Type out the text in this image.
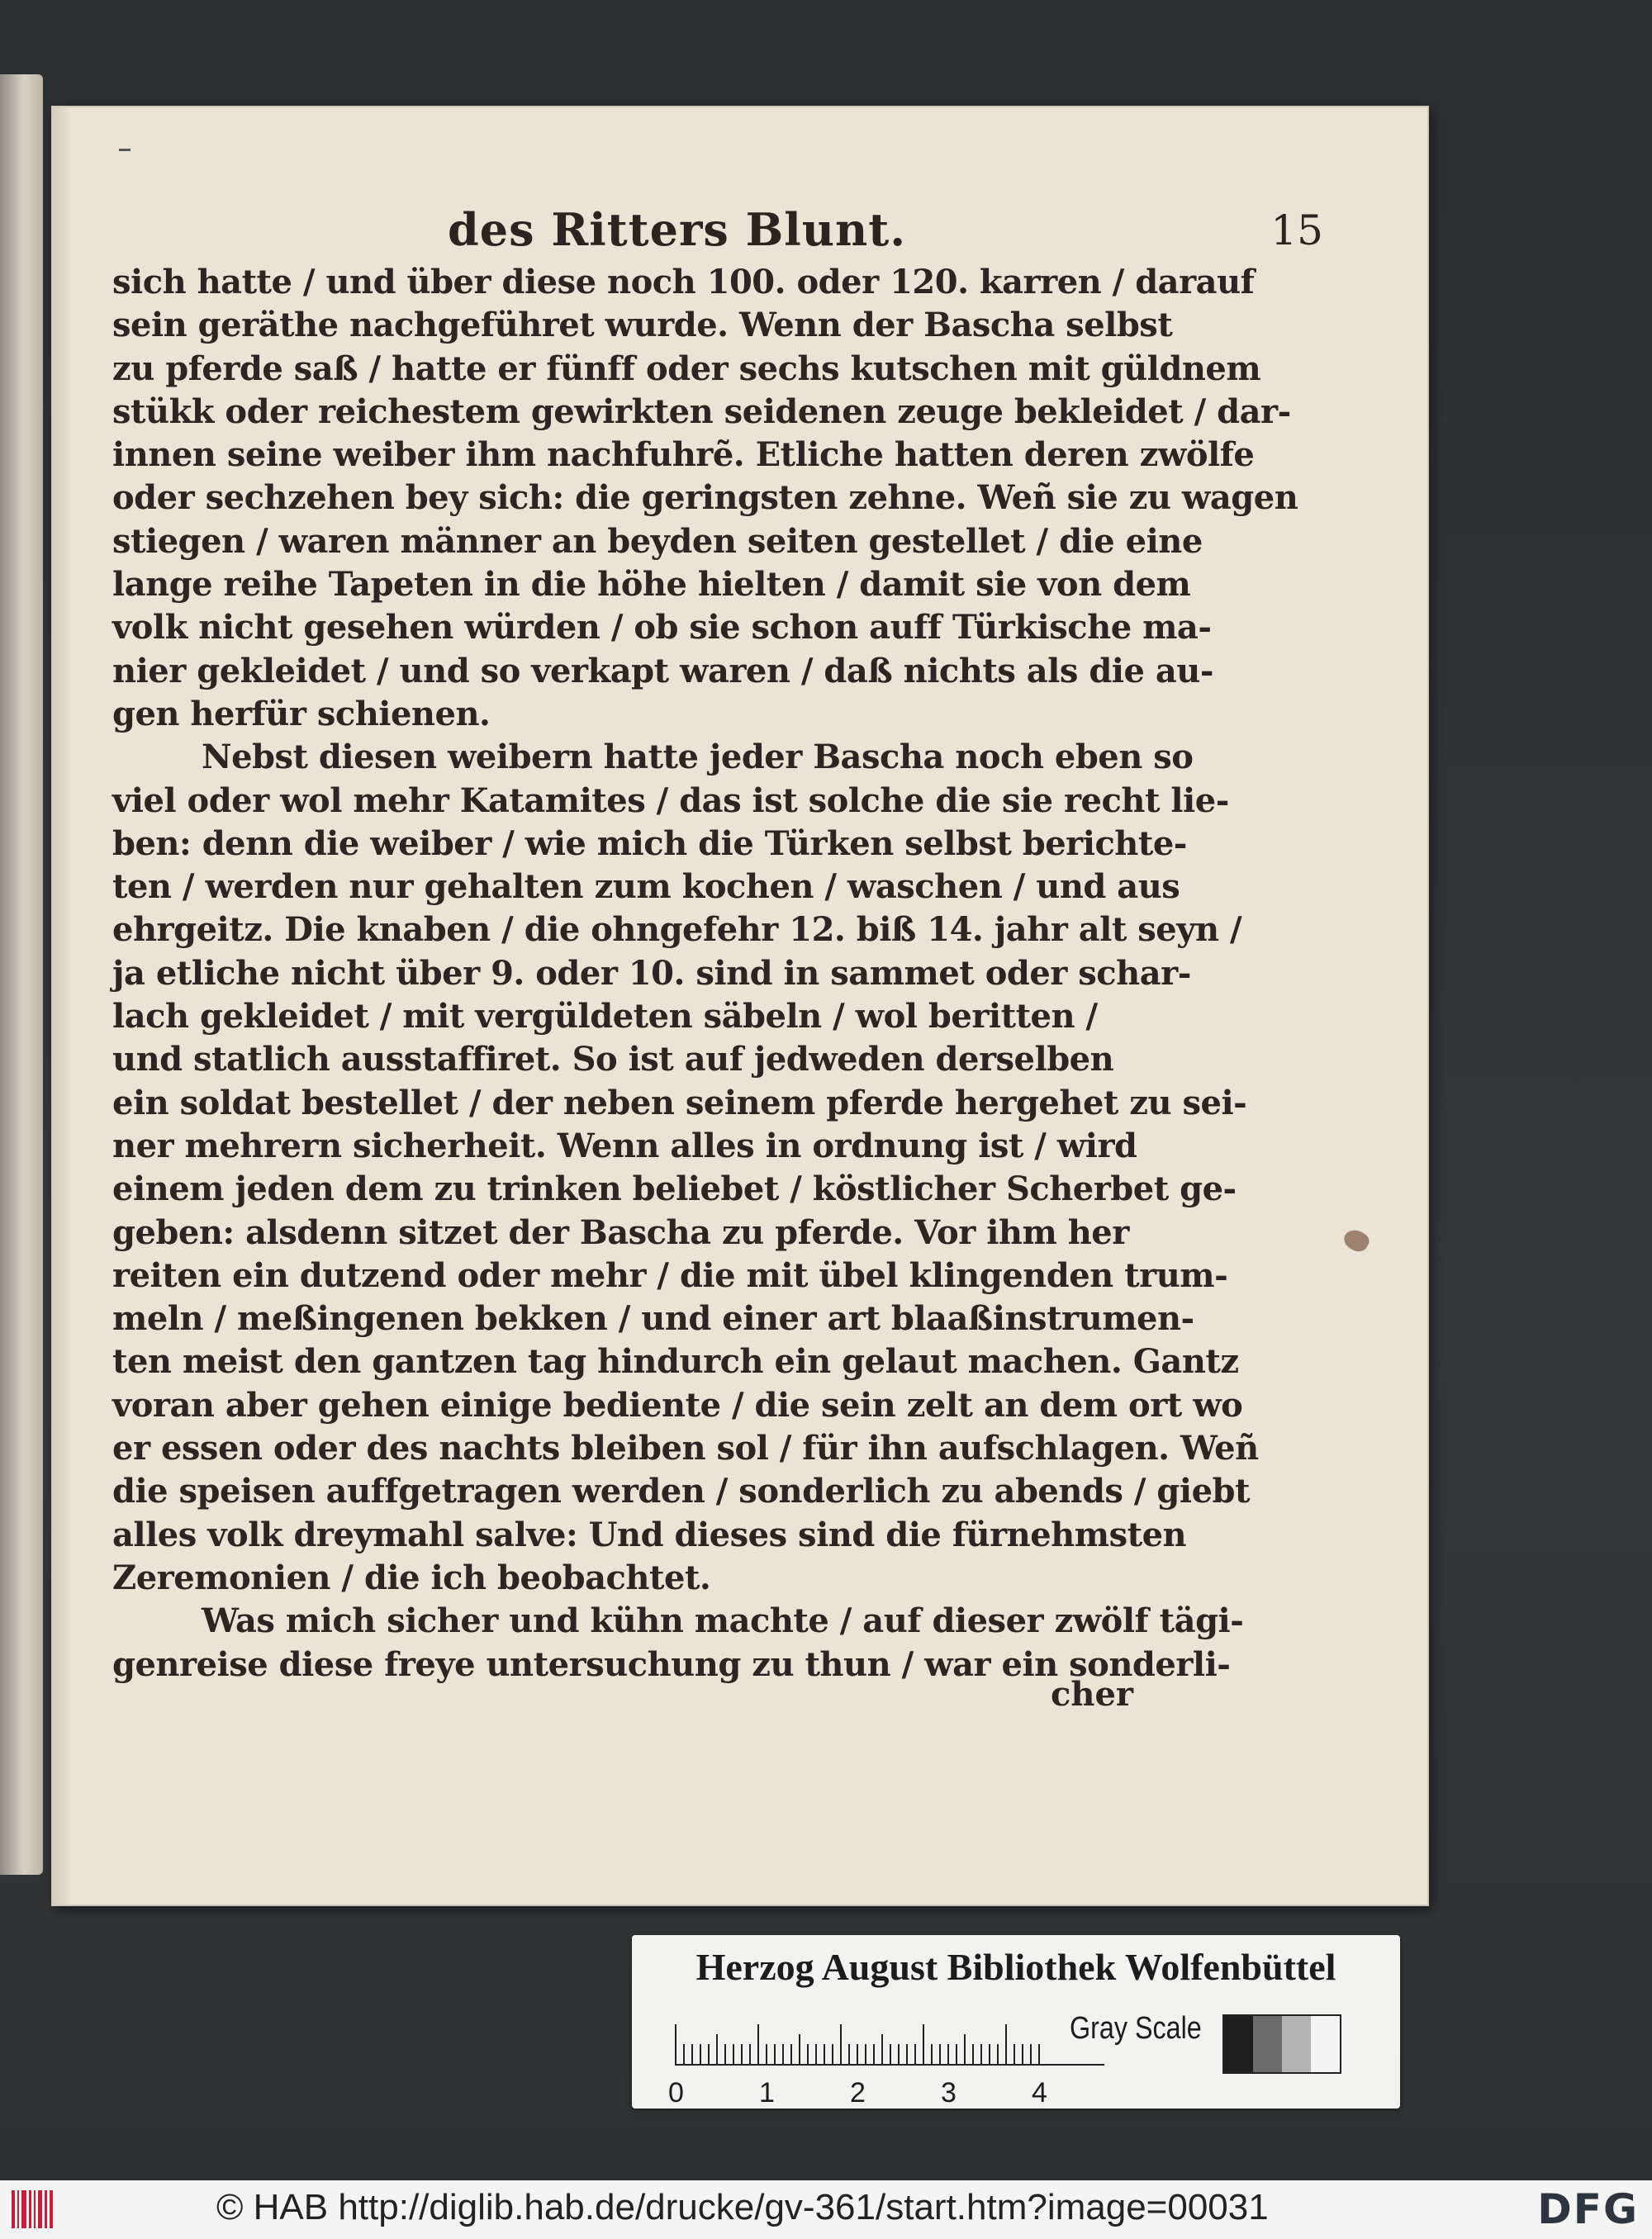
des Ritters Blunt.	15
sich hatte / und über diese noch 100. oder 120. karren / darauf
sein geräthe nachgeführet wurde. Wenn der Bascha selbst
zu pferde saß / hatte er fünff oder sechs kutschen mit güldnem
stükk oder reichestem gewirkten seidenen zeuge bekleidet / dar-
innen seine weiber ihm nachfuhrẽ. Etliche hatten deren zwölfe
oder sechzehen bey sich: die geringsten zehne. Weñ sie zu wagen
stiegen / waren männer an beyden seiten gestellet / die eine
lange reihe Tapeten in die höhe hielten / damit sie von dem
volk nicht gesehen würden / ob sie schon auff Türkische ma-
nier gekleidet / und so verkapt waren / daß nichts als die au-
gen herfür schienen.
Nebst diesen weibern hatte jeder Bascha noch eben so
viel oder wol mehr Katamites / das ist solche die sie recht lie-
ben: denn die weiber / wie mich die Türken selbst berichte-
ten / werden nur gehalten zum kochen / waschen / und aus
ehrgeitz. Die knaben / die ohngefehr 12. biß 14. jahr alt seyn /
ja etliche nicht über 9. oder 10. sind in sammet oder schar-
lach gekleidet / mit vergüldeten säbeln / wol beritten /
und statlich ausstaffiret. So ist auf jedweden derselben
ein soldat bestellet / der neben seinem pferde hergehet zu sei-
ner mehrern sicherheit. Wenn alles in ordnung ist / wird
einem jeden dem zu trinken beliebet / köstlicher Scherbet ge-
geben: alsdenn sitzet der Bascha zu pferde. Vor ihm her
reiten ein dutzend oder mehr / die mit übel klingenden trum-
meln / meßingenen bekken / und einer art blaaßinstrumen-
ten meist den gantzen tag hindurch ein gelaut machen. Gantz
voran aber gehen einige bediente / die sein zelt an dem ort wo
er essen oder des nachts bleiben sol / für ihn aufschlagen. Weñ
die speisen auffgetragen werden / sonderlich zu abends / giebt
alles volk dreymahl salve: Und dieses sind die fürnehmsten
Zeremonien / die ich beobachtet.
Was mich sicher und kühn machte / auf dieser zwölf tägi-
genreise diese freye untersuchung zu thun / war ein sonderli-
cher
Herzog August Bibliothek Wolfenbüttel
0	1	2	3	4
Gray Scale
© HAB http://diglib.hab.de/drucke/gv-361/start.htm?image=00031	DFG
